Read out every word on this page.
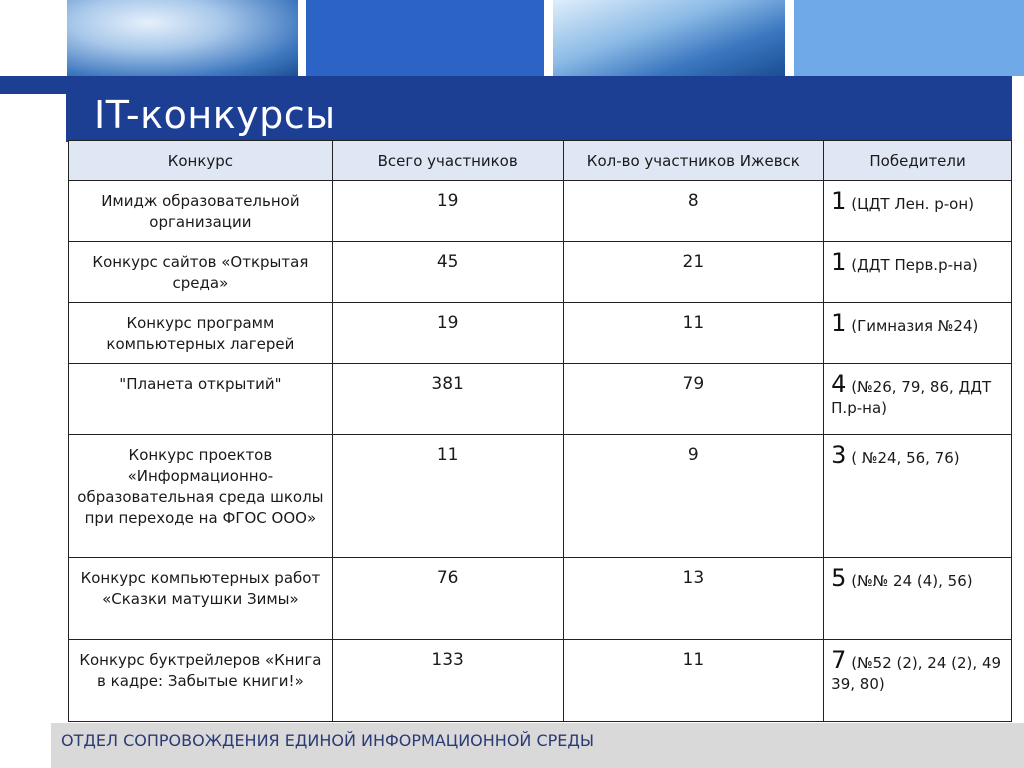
IT-конкурсы
Конкурс	Всего участников	Кол-во участников Ижевск	Победители
Имидж образовательной организации	19	8	1 (ЦДТ Лен. р-он)
Конкурс сайтов «Открытая среда»	45	21	1 (ДДТ Перв.р-на)
Конкурс программ компьютерных лагерей	19	11	1 (Гимназия №24)
"Планета открытий"	381	79	4 (№26, 79, 86, ДДТ П.р-на)
Конкурс проектов «Информационно-образовательная среда школы при переходе на ФГОС ООО»	11	9	3 ( №24, 56, 76)
Конкурс компьютерных работ «Сказки матушки Зимы»	76	13	5 (№№ 24 (4), 56)
Конкурс буктрейлеров «Книга в кадре: Забытые книги!»	133	11	7 (№52 (2), 24 (2), 49 39, 80)
ОТДЕЛ СОПРОВОЖДЕНИЯ ЕДИНОЙ ИНФОРМАЦИОННОЙ СРЕДЫ
